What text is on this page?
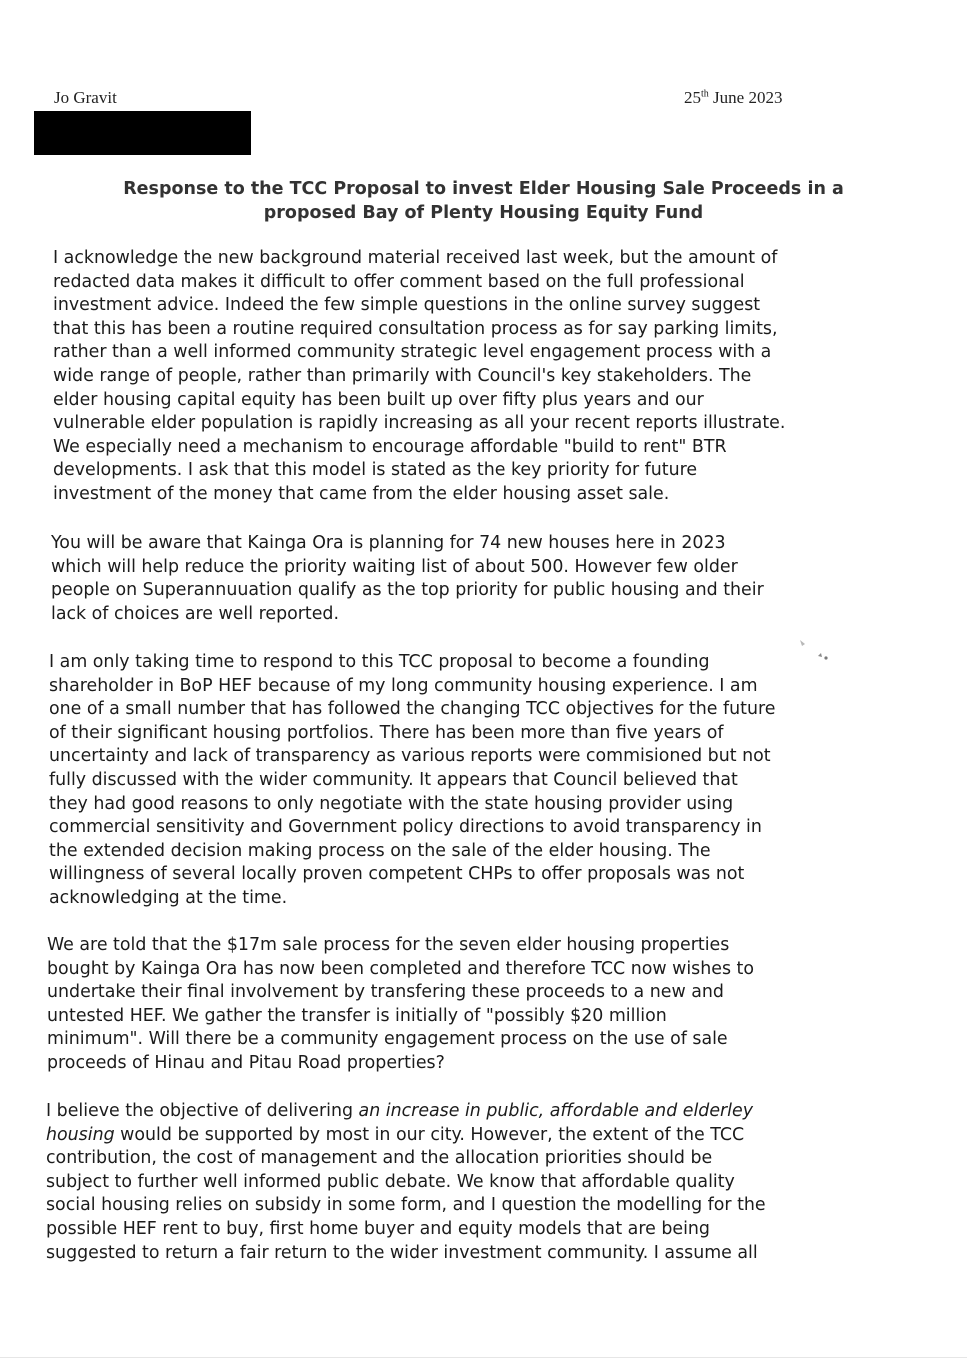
Jo Gravit	25th June 2023
Response to the TCC Proposal to invest Elder Housing Sale Proceeds in a
proposed Bay of Plenty Housing Equity Fund
I acknowledge the new background material received last week, but the amount of
redacted data makes it difficult to offer comment based on the full professional
investment advice. Indeed the few simple questions in the online survey suggest
that this has been a routine required consultation process as for say parking limits,
rather than a well informed community strategic level engagement process with a
wide range of people, rather than primarily with Council's key stakeholders. The
elder housing capital equity has been built up over fifty plus years and our
vulnerable elder population is rapidly increasing as all your recent reports illustrate.
We especially need a mechanism to encourage affordable "build to rent" BTR
developments. I ask that this model is stated as the key priority for future
investment of the money that came from the elder housing asset sale.
You will be aware that Kainga Ora is planning for 74 new houses here in 2023
which will help reduce the priority waiting list of about 500. However few older
people on Superannuuation qualify as the top priority for public housing and their
lack of choices are well reported.
I am only taking time to respond to this TCC proposal to become a founding
shareholder in BoP HEF because of my long community housing experience. I am
one of a small number that has followed the changing TCC objectives for the future
of their significant housing portfolios. There has been more than five years of
uncertainty and lack of transparency as various reports were commisioned but not
fully discussed with the wider community. It appears that Council believed that
they had good reasons to only negotiate with the state housing provider using
commercial sensitivity and Government policy directions to avoid transparency in
the extended decision making process on the sale of the elder housing. The
willingness of several locally proven competent CHPs to offer proposals was not
acknowledging at the time.
We are told that the $17m sale process for the seven elder housing properties
bought by Kainga Ora has now been completed and therefore TCC now wishes to
undertake their final involvement by transfering these proceeds to a new and
untested HEF. We gather the transfer is initially of "possibly $20 million
minimum". Will there be a community engagement process on the use of sale
proceeds of Hinau and Pitau Road properties?
I believe the objective of delivering an increase in public, affordable and elderley
housing would be supported by most in our city. However, the extent of the TCC
contribution, the cost of management and the allocation priorities should be
subject to further well informed public debate. We know that affordable quality
social housing relies on subsidy in some form, and I question the modelling for the
possible HEF rent to buy, first home buyer and equity models that are being
suggested to return a fair return to the wider investment community. I assume all
